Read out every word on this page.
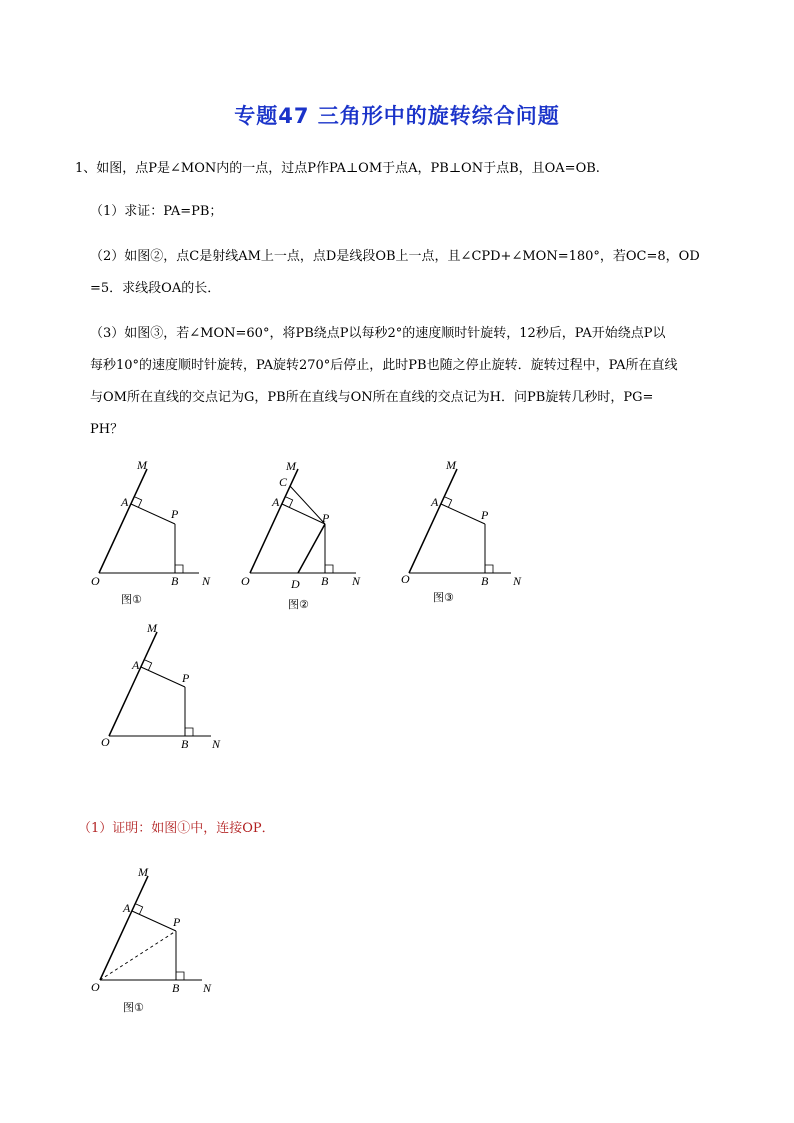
专题47 三角形中的旋转综合问题
1、如图，点P是∠MON内的一点，过点P作PA⊥OM于点A，PB⊥ON于点B，且OA=OB.
（1）求证：PA=PB；
（2）如图②，点C是射线AM上一点，点D是线段OB上一点，且∠CPD+∠MON=180°，若OC=8，OD
=5．求线段OA的长．
（3）如图③，若∠MON=60°，将PB绕点P以每秒2°的速度顺时针旋转，12秒后，PA开始绕点P以
每秒10°的速度顺时针旋转，PA旋转270°后停止，此时PB也随之停止旋转．旋转过程中，PA所在直线
与OM所在直线的交点记为G，PB所在直线与ON所在直线的交点记为H．问PB旋转几秒时，PG=
PH？
M
A
P
O	B N
图①
M
C
A
P
O	D B N
图②
M
A
P
O	B N
图③
M
A
P
O	B N
（1）证明：如图①中，连接OP．
M
A
P
O	B N
图①
